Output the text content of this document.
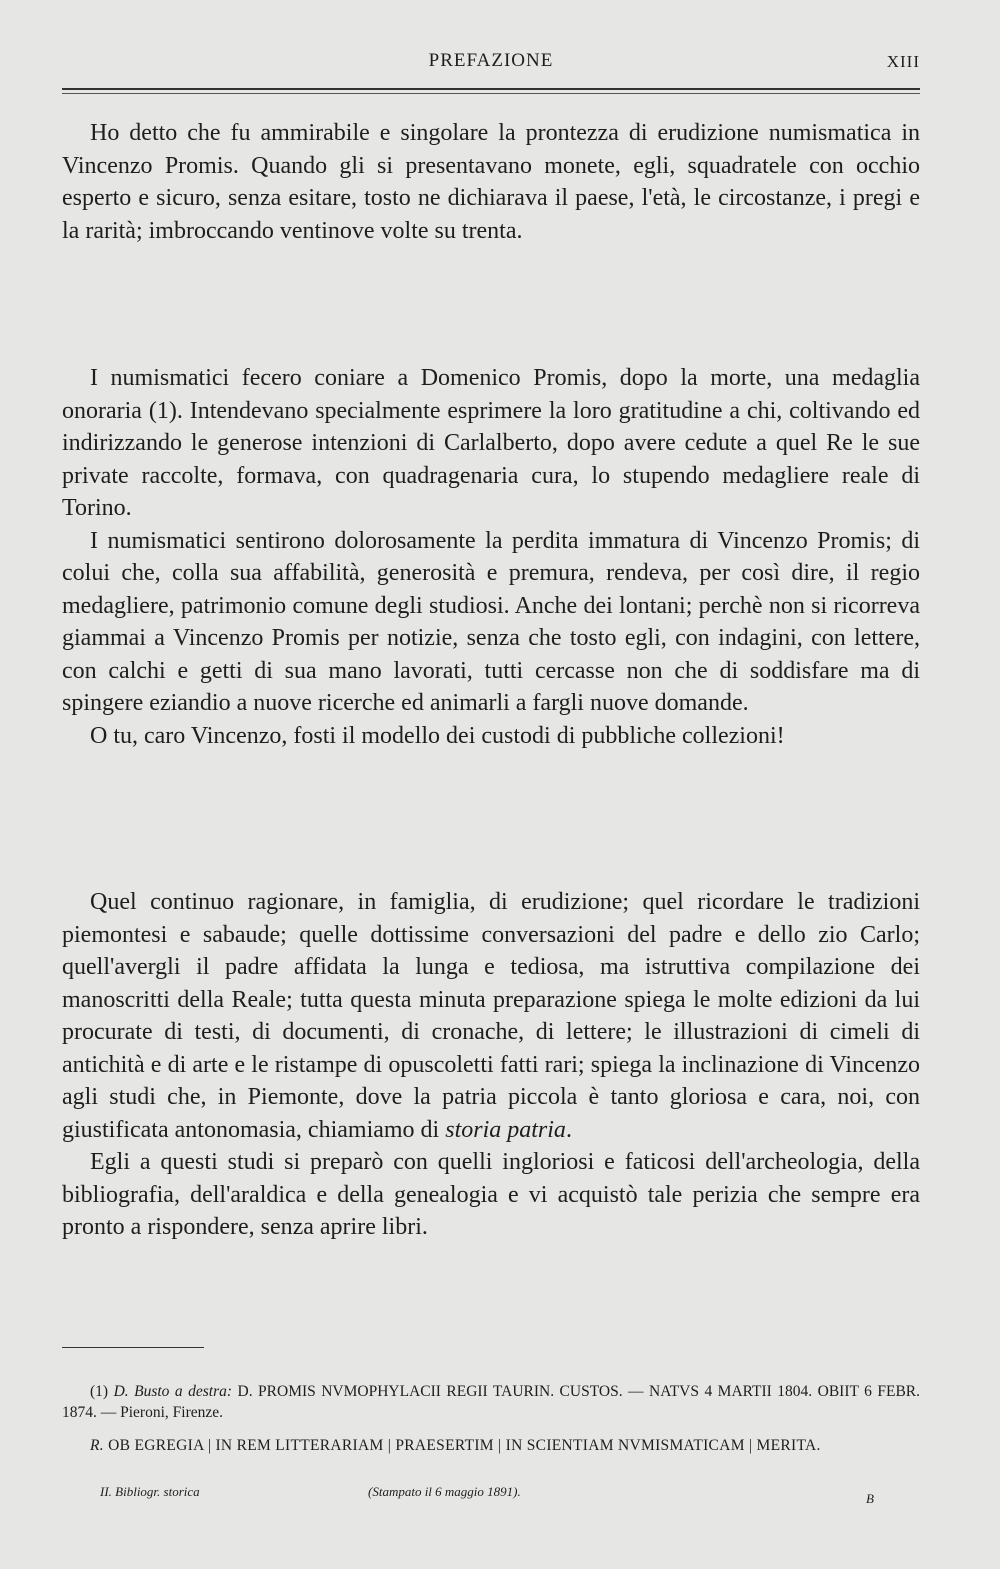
PREFAZIONE	XIII

Ho detto che fu ammirabile e singolare la prontezza di erudizione numismatica in Vincenzo Promis. Quando gli si presentavano monete, egli, squadratele con occhio esperto e sicuro, senza esitare, tosto ne dichiarava il paese, l'età, le circostanze, i pregi e la rarità; imbroccando ventinove volte su trenta.

I numismatici fecero coniare a Domenico Promis, dopo la morte, una medaglia onoraria (1). Intendevano specialmente esprimere la loro gratitudine a chi, coltivando ed indirizzando le generose intenzioni di Carlalberto, dopo avere cedute a quel Re le sue private raccolte, formava, con quadragenaria cura, lo stupendo medagliere reale di Torino.

I numismatici sentirono dolorosamente la perdita immatura di Vincenzo Promis; di colui che, colla sua affabilità, generosità e premura, rendeva, per così dire, il regio medagliere, patrimonio comune degli studiosi. Anche dei lontani; perchè non si ricorreva giammai a Vincenzo Promis per notizie, senza che tosto egli, con indagini, con lettere, con calchi e getti di sua mano lavorati, tutti cercasse non che di soddisfare ma di spingere eziandio a nuove ricerche ed animarli a fargli nuove domande.

O tu, caro Vincenzo, fosti il modello dei custodi di pubbliche collezioni!

Quel continuo ragionare, in famiglia, di erudizione; quel ricordare le tradizioni piemontesi e sabaude; quelle dottissime conversazioni del padre e dello zio Carlo; quell'avergli il padre affidata la lunga e tediosa, ma istruttiva compilazione dei manoscritti della Reale; tutta questa minuta preparazione spiega le molte edizioni da lui procurate di testi, di documenti, di cronache, di lettere; le illustrazioni di cimeli di antichità e di arte e le ristampe di opuscoletti fatti rari; spiega la inclinazione di Vincenzo agli studi che, in Piemonte, dove la patria piccola è tanto gloriosa e cara, noi, con giustificata antonomasia, chiamiamo di storia patria.

Egli a questi studi si preparò con quelli ingloriosi e faticosi dell'archeologia, della bibliografia, dell'araldica e della genealogia e vi acquistò tale perizia che sempre era pronto a rispondere, senza aprire libri.

(1) D. Busto a destra: D. PROMIS NVMOPHYLACII REGII TAURIN. CUSTOS. — NATVS 4 MARTII 1804. OBIIT 6 FEBR. 1874. — Pieroni, Firenze.

R. OB EGREGIA | IN REM LITTERARIAM | PRAESERTIM | IN SCIENTIAM NVMISMATICAM | MERITA.

II. Bibliogr. storica	(Stampato il 6 maggio 1891).	B
